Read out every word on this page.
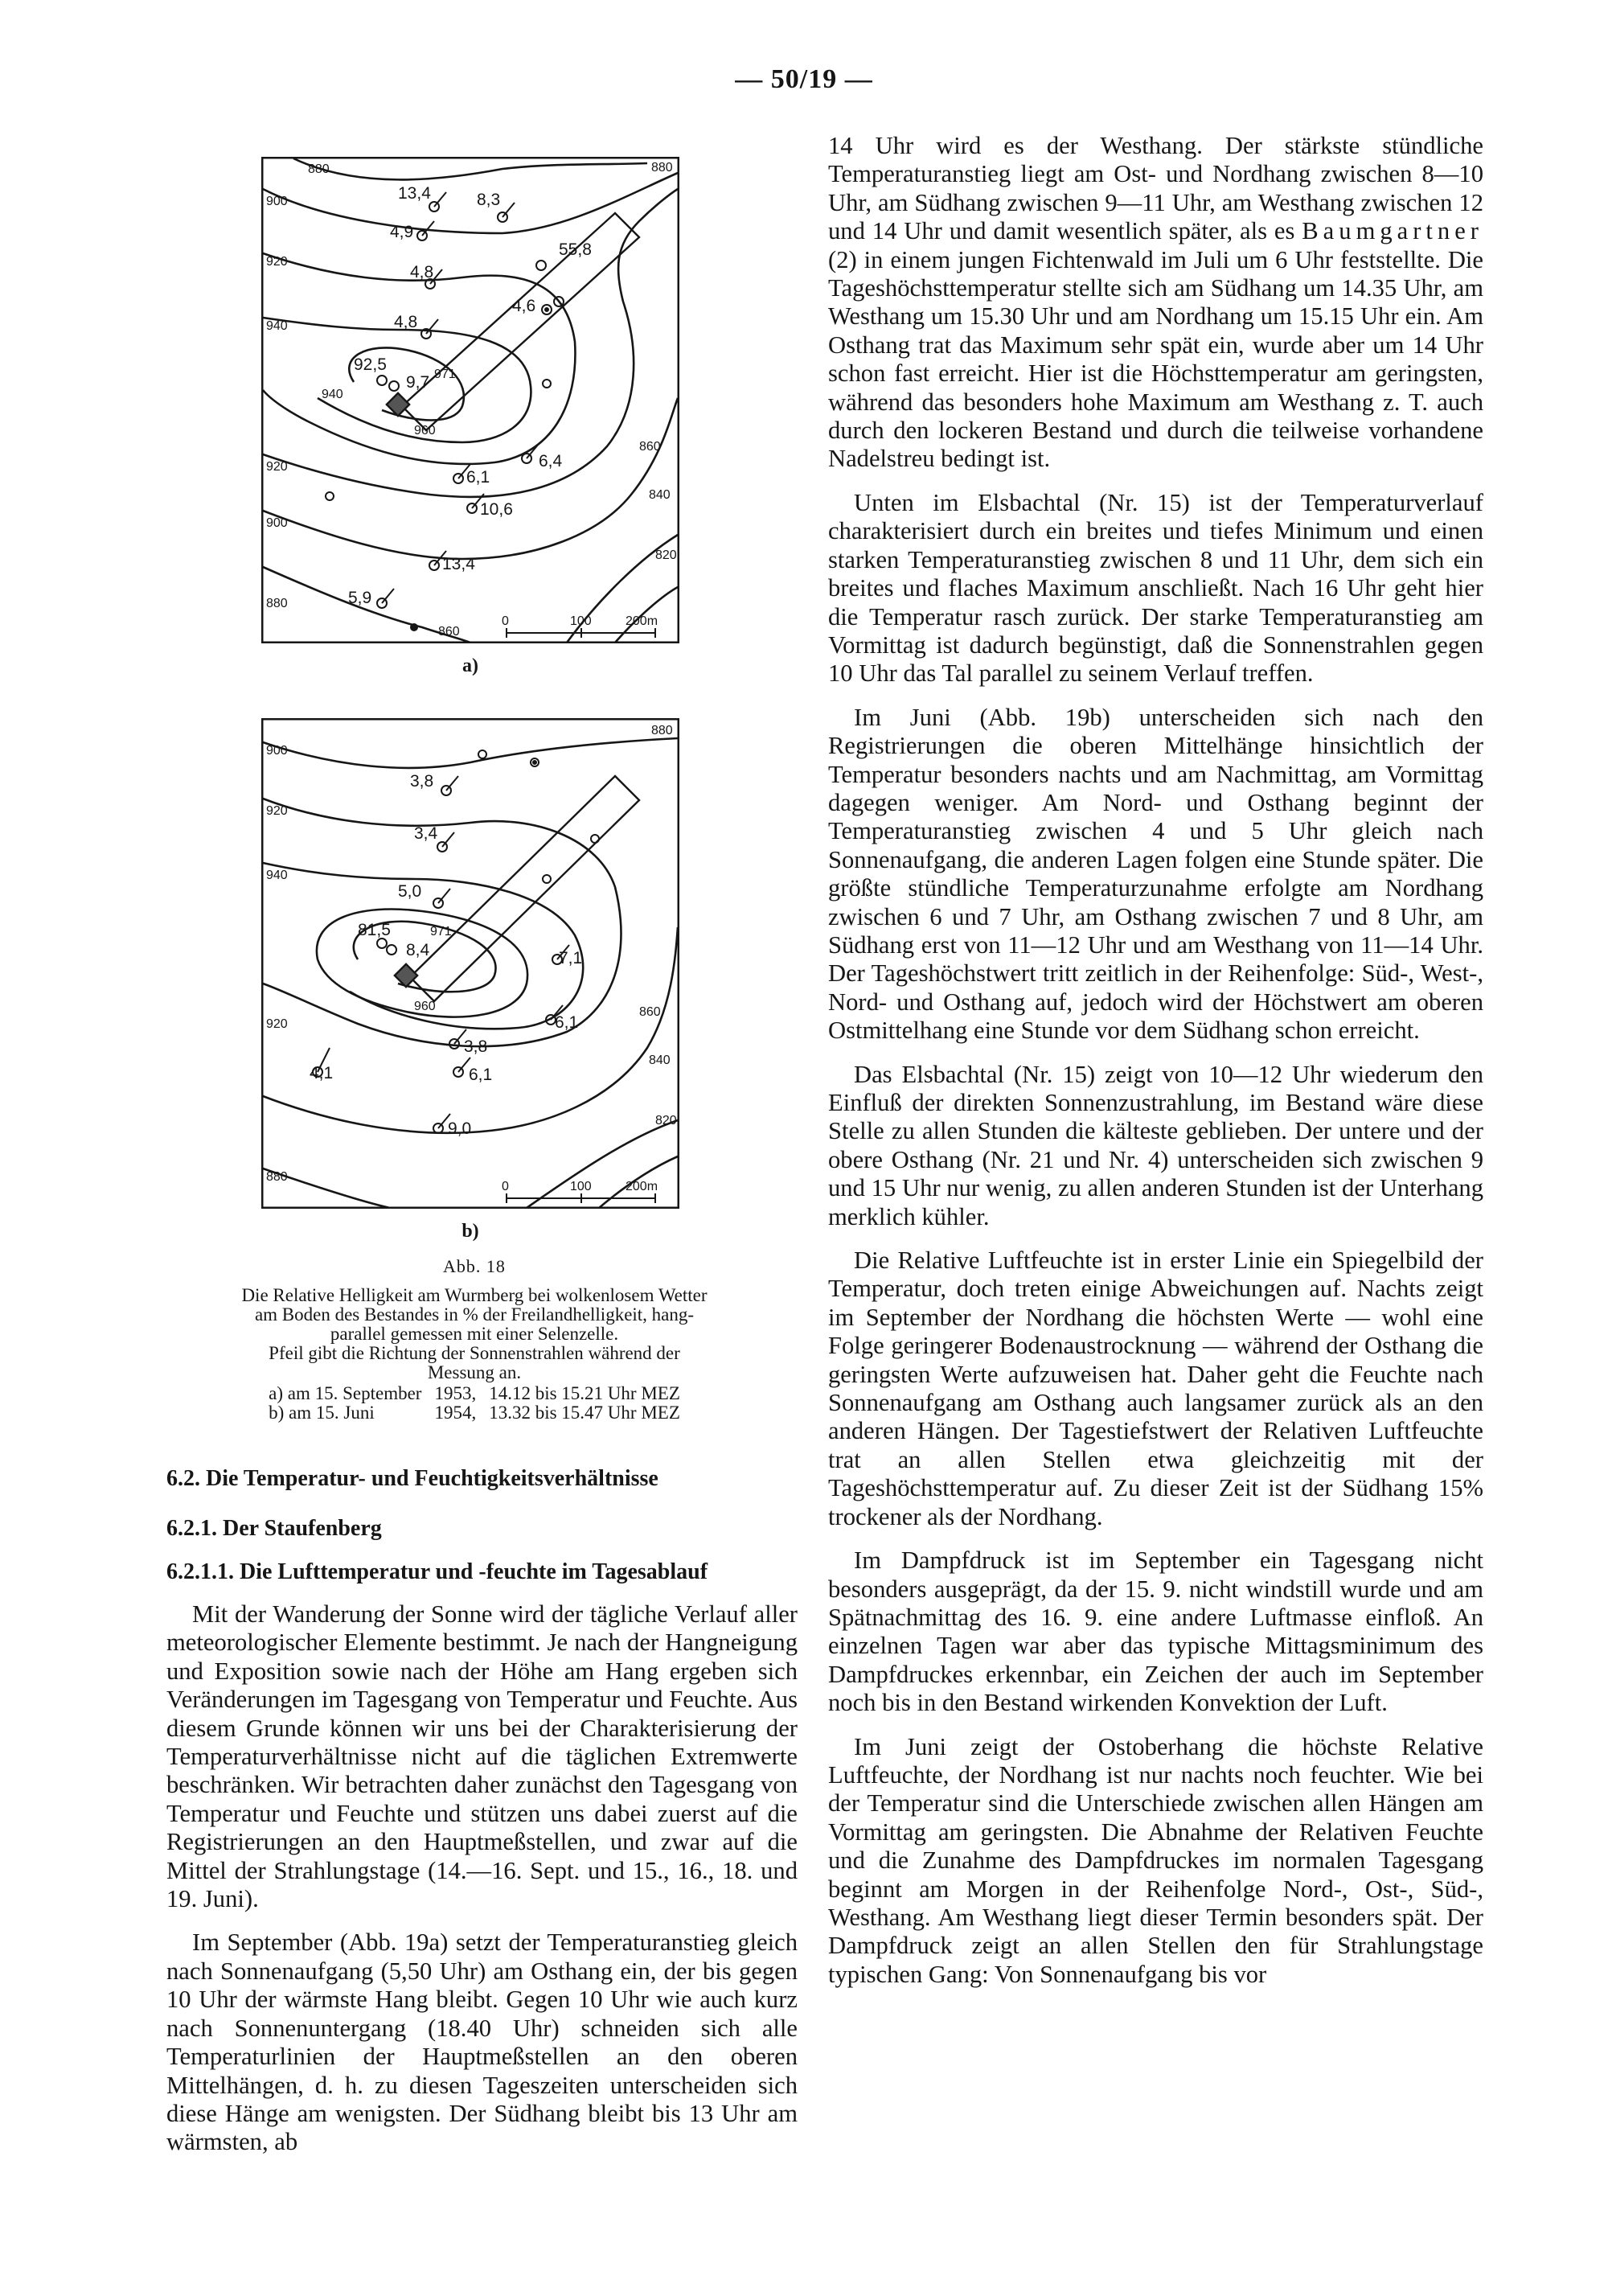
— 50/19 —
880	880
900
920
940
940
971
960
920
900
880
860
860
840
820
13,4	8,3
4,9
55,8
4,8
4,6
4,8
92,5
9,7
6,4
6,1
10,6
13,4
5,9
0	100	200m
a)
880
900
920
940
971
960
920
880
860
840
820
3,8
3,4
5,0
81,5
8,4	7,1
6,1
3,8
4,1	6,1
9,0
0	100	200m
b)
Abb. 18
Die Relative Helligkeit am Wurmberg bei wolkenlosem Wetter
am Boden des Bestandes in % der Freilandhelligkeit, hang-
parallel gemessen mit einer Selenzelle.
Pfeil gibt die Richtung der Sonnenstrahlen während der
Messung an.
a) am 15. September	1953,	14.12 bis 15.21 Uhr MEZ
b) am 15. Juni	1954,	13.32 bis 15.47 Uhr MEZ
6.2. Die Temperatur- und Feuchtigkeitsverhältnisse
6.2.1. Der Staufenberg
6.2.1.1. Die Lufttemperatur und -feuchte im Tagesablauf

Mit der Wanderung der Sonne wird der tägliche Verlauf aller meteorologischer Elemente bestimmt. Je nach der Hangneigung und Exposition sowie nach der Höhe am Hang ergeben sich Veränderungen im Tagesgang von Temperatur und Feuchte. Aus diesem Grunde können wir uns bei der Charakterisierung der Temperaturverhältnisse nicht auf die täglichen Extremwerte beschränken. Wir betrachten daher zunächst den Tagesgang von Temperatur und Feuchte und stützen uns dabei zuerst auf die Registrierungen an den Hauptmeßstellen, und zwar auf die Mittel der Strahlungstage (14.—16. Sept. und 15., 16., 18. und 19. Juni).

Im September (Abb. 19a) setzt der Temperaturanstieg gleich nach Sonnenaufgang (5,50 Uhr) am Osthang ein, der bis gegen 10 Uhr der wärmste Hang bleibt. Gegen 10 Uhr wie auch kurz nach Sonnenuntergang (18.40 Uhr) schneiden sich alle Temperaturlinien der Hauptmeßstellen an den oberen Mittelhängen, d. h. zu diesen Tageszeiten unterscheiden sich diese Hänge am wenigsten. Der Südhang bleibt bis 13 Uhr am wärmsten, ab

14 Uhr wird es der Westhang. Der stärkste stündliche Temperaturanstieg liegt am Ost- und Nordhang zwischen 8—10 Uhr, am Südhang zwischen 9—11 Uhr, am Westhang zwischen 12 und 14 Uhr und damit wesentlich später, als es Baumgartner (2) in einem jungen Fichtenwald im Juli um 6 Uhr feststellte. Die Tageshöchsttemperatur stellte sich am Südhang um 14.35 Uhr, am Westhang um 15.30 Uhr und am Nordhang um 15.15 Uhr ein. Am Osthang trat das Maximum sehr spät ein, wurde aber um 14 Uhr schon fast erreicht. Hier ist die Höchsttemperatur am geringsten, während das besonders hohe Maximum am Westhang z. T. auch durch den lockeren Bestand und durch die teilweise vorhandene Nadelstreu bedingt ist.

Unten im Elsbachtal (Nr. 15) ist der Temperaturverlauf charakterisiert durch ein breites und tiefes Minimum und einen starken Temperaturanstieg zwischen 8 und 11 Uhr, dem sich ein breites und flaches Maximum anschließt. Nach 16 Uhr geht hier die Temperatur rasch zurück. Der starke Temperaturanstieg am Vormittag ist dadurch begünstigt, daß die Sonnenstrahlen gegen 10 Uhr das Tal parallel zu seinem Verlauf treffen.

Im Juni (Abb. 19b) unterscheiden sich nach den Registrierungen die oberen Mittelhänge hinsichtlich der Temperatur besonders nachts und am Nachmittag, am Vormittag dagegen weniger. Am Nord- und Osthang beginnt der Temperaturanstieg zwischen 4 und 5 Uhr gleich nach Sonnenaufgang, die anderen Lagen folgen eine Stunde später. Die größte stündliche Temperaturzunahme erfolgte am Nordhang zwischen 6 und 7 Uhr, am Osthang zwischen 7 und 8 Uhr, am Südhang erst von 11—12 Uhr und am Westhang von 11—14 Uhr. Der Tageshöchstwert tritt zeitlich in der Reihenfolge: Süd-, West-, Nord- und Osthang auf, jedoch wird der Höchstwert am oberen Ostmittelhang eine Stunde vor dem Südhang schon erreicht.

Das Elsbachtal (Nr. 15) zeigt von 10—12 Uhr wiederum den Einfluß der direkten Sonnenzustrahlung, im Bestand wäre diese Stelle zu allen Stunden die kälteste geblieben. Der untere und der obere Osthang (Nr. 21 und Nr. 4) unterscheiden sich zwischen 9 und 15 Uhr nur wenig, zu allen anderen Stunden ist der Unterhang merklich kühler.

Die Relative Luftfeuchte ist in erster Linie ein Spiegelbild der Temperatur, doch treten einige Abweichungen auf. Nachts zeigt im September der Nordhang die höchsten Werte — wohl eine Folge geringerer Bodenaustrocknung — während der Osthang die geringsten Werte aufzuweisen hat. Daher geht die Feuchte nach Sonnenaufgang am Osthang auch langsamer zurück als an den anderen Hängen. Der Tagestiefstwert der Relativen Luftfeuchte trat an allen Stellen etwa gleichzeitig mit der Tageshöchsttemperatur auf. Zu dieser Zeit ist der Südhang 15% trockener als der Nordhang.

Im Dampfdruck ist im September ein Tagesgang nicht besonders ausgeprägt, da der 15. 9. nicht windstill wurde und am Spätnachmittag des 16. 9. eine andere Luftmasse einfloß. An einzelnen Tagen war aber das typische Mittagsminimum des Dampfdruckes erkennbar, ein Zeichen der auch im September noch bis in den Bestand wirkenden Konvektion der Luft.

Im Juni zeigt der Ostoberhang die höchste Relative Luftfeuchte, der Nordhang ist nur nachts noch feuchter. Wie bei der Temperatur sind die Unterschiede zwischen allen Hängen am Vormittag am geringsten. Die Abnahme der Relativen Feuchte und die Zunahme des Dampfdruckes im normalen Tagesgang beginnt am Morgen in der Reihenfolge Nord-, Ost-, Süd-, Westhang. Am Westhang liegt dieser Termin besonders spät. Der Dampfdruck zeigt an allen Stellen den für Strahlungstage typischen Gang: Von Sonnenaufgang bis vor
